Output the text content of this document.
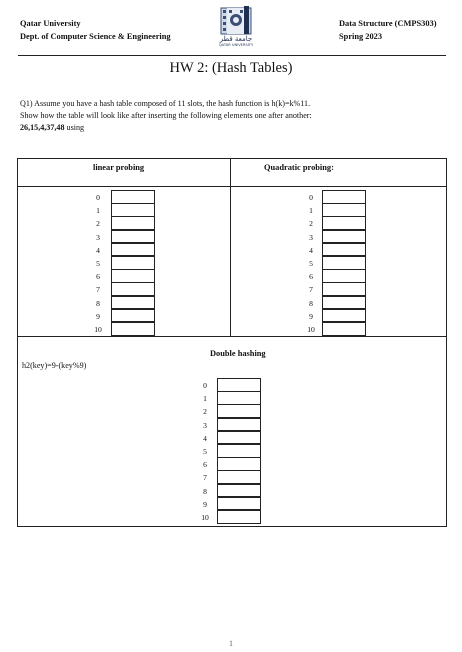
Qatar University
Dept. of Computer Science & Engineering
Data Structure (CMPS303)
Spring 2023
جامعة قطر
QATAR UNIVERSITY
HW 2: (Hash Tables)
Q1) Assume you have a hash table composed of 11 slots, the hash function is h(k)=k%11.
Show how the table will look like after inserting the following elements one after another:
26,15,4,37,48 using
linear probing	Quadratic probing:
Double hashing
h2(key)=9-(key%9)
0
1
2
3
4
5
6
7
8
9
10
0
1
2
3
4
5
6
7
8
9
10
0
1
2
3
4
5
6
7
8
9
10
1
